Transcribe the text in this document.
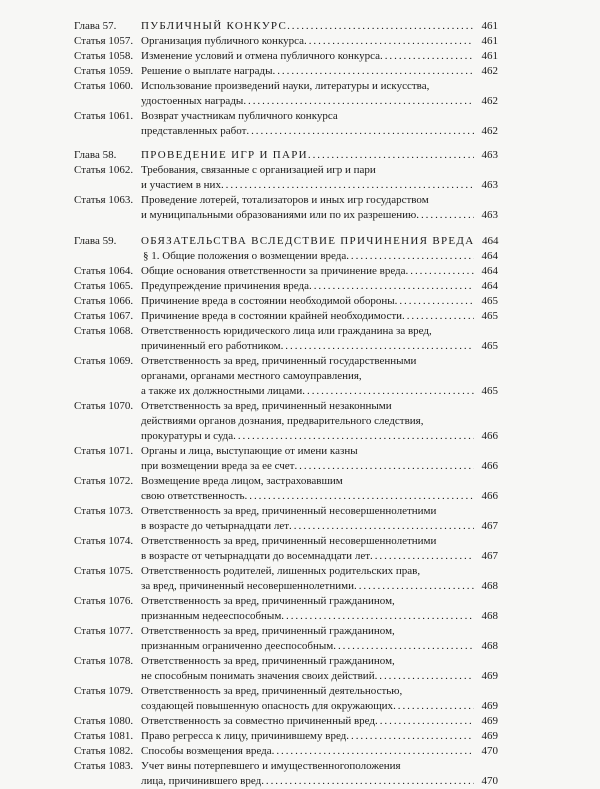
Глава 57.	ПУБЛИЧНЫЙ КОНКУРС . . .	461
Статья 1057. Организация публичного конкурса . . .	461
Статья 1058. Изменение условий и отмена публичного конкурса . . .	461
Статья 1059. Решение о выплате награды . . .	462
Статья 1060. Использование произведений науки, литературы и искусства,
удостоенных награды . . .	462
Статья 1061. Возврат участникам публичного конкурса
представленных работ . . .	462
Глава 58.	ПРОВЕДЕНИЕ ИГР И ПАРИ . . .	463
Статья 1062. Требования, связанные с организацией игр и пари
и участием в них . . .	463
Статья 1063. Проведение лотерей, тотализаторов и иных игр государством
и муниципальными образованиями или по их разрешению . . .	463
Глава 59.	ОБЯЗАТЕЛЬСТВА ВСЛЕДСТВИЕ ПРИЧИНЕНИЯ ВРЕДА 464
§ 1. Общие положения о возмещении вреда . . .	464
Статья 1064. Общие основания ответственности за причинение вреда . . .	464
Статья 1065. Предупреждение причинения вреда . . .	464
Статья 1066. Причинение вреда в состоянии необходимой обороны . . .	465
Статья 1067. Причинение вреда в состоянии крайней необходимости . . .	465
Статья 1068. Ответственность юридического лица или гражданина за вред,
причиненный его работником . . .	465
Статья 1069. Ответственность за вред, причиненный государственными
органами, органами местного самоуправления,
а также их должностными лицами . . .	465
Статья 1070. Ответственность за вред, причиненный незаконными
действиями органов дознания, предварительного следствия,
прокуратуры и суда . . .	466
Статья 1071. Органы и лица, выступающие от имени казны
при возмещении вреда за ее счет . . .	466
Статья 1072. Возмещение вреда лицом, застраховавшим
свою ответственность . . .	466
Статья 1073. Ответственность за вред, причиненный несовершеннолетними
в возрасте до четырнадцати лет . . .	467
Статья 1074. Ответственность за вред, причиненный несовершеннолетними
в возрасте от четырнадцати до восемнадцати лет . . .	467
Статья 1075. Ответственность родителей, лишенных родительских прав,
за вред, причиненный несовершеннолетними . . .	468
Статья 1076. Ответственность за вред, причиненный гражданином,
признанным недееспособным . . .	468
Статья 1077. Ответственность за вред, причиненный гражданином,
признанным ограниченно дееспособным . . .	468
Статья 1078. Ответственность за вред, причиненный гражданином,
не способным понимать значения своих действий . . .	469
Статья 1079. Ответственность за вред, причиненный деятельностью,
создающей повышенную опасность для окружающих . . .	469
Статья 1080. Ответственность за совместно причиненный вред . . .	469
Статья 1081. Право регресса к лицу, причинившему вред . . .	469
Статья 1082. Способы возмещения вреда . . .	470
Статья 1083. Учет вины потерпевшего и имущественногоположения
лица, причинившего вред . . .	470
